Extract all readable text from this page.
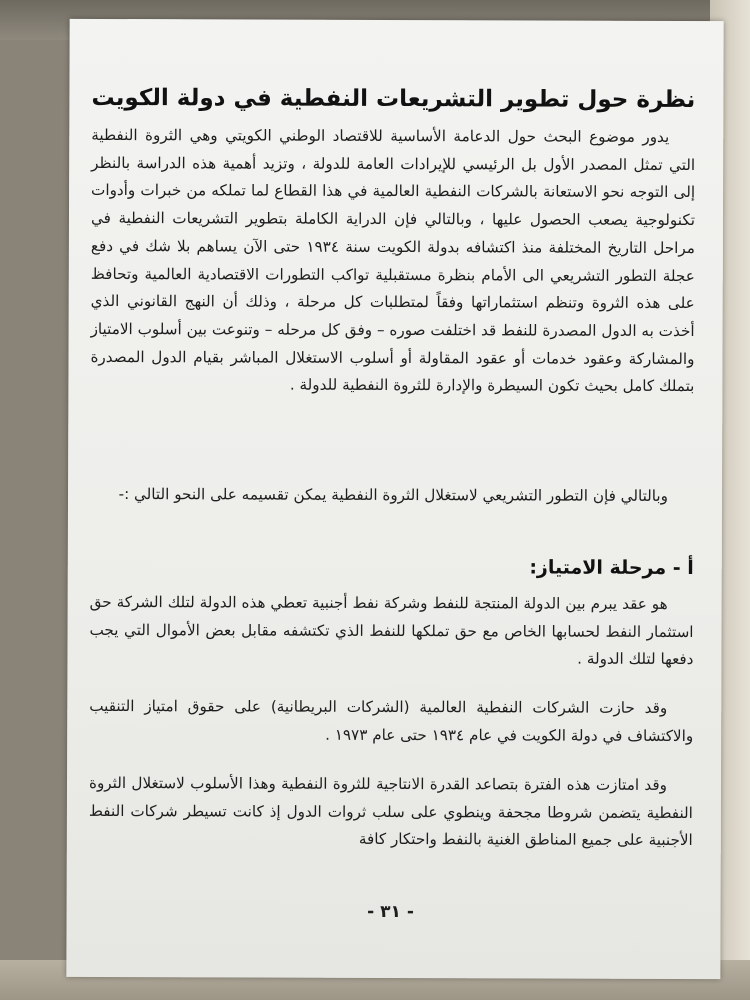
نظرة حول تطوير التشريعات النفطية في دولة الكويت
يدور موضوع البحث حول الدعامة الأساسية للاقتصاد الوطني الكويتي وهي الثروة النفطية التي تمثل المصدر الأول بل الرئيسي للإيرادات العامة للدولة ، وتزيد أهمية هذه الدراسة بالنظر إلى التوجه نحو الاستعانة بالشركات النفطية العالمية في هذا القطاع لما تملكه من خبرات وأدوات تكنولوجية يصعب الحصول عليها ، وبالتالي فإن الدراية الكاملة بتطوير التشريعات النفطية في مراحل التاريخ المختلفة منذ اكتشافه بدولة الكويت سنة ١٩٣٤ حتى الآن يساهم بلا شك في دفع عجلة التطور التشريعي الى الأمام بنظرة مستقبلية تواكب التطورات الاقتصادية العالمية وتحافظ على هذه الثروة وتنظم استثماراتها وفقاً لمتطلبات كل مرحلة ، وذلك أن النهج القانوني الذي أخذت به الدول المصدرة للنفط قد اختلفت صوره – وفق كل مرحله – وتنوعت بين أسلوب الامتياز والمشاركة وعقود خدمات أو عقود المقاولة أو أسلوب الاستغلال المباشر بقيام الدول المصدرة بتملك كامل بحيث تكون السيطرة والإدارة للثروة النفطية للدولة .
وبالتالي فإن التطور التشريعي لاستغلال الثروة النفطية يمكن تقسيمه على النحو التالي :-
أ - مرحلة الامتياز:
هو عقد يبرم بين الدولة المنتجة للنفط وشركة نفط أجنبية تعطي هذه الدولة لتلك الشركة حق استثمار النفط لحسابها الخاص مع حق تملكها للنفط الذي تكتشفه مقابل بعض الأموال التي يجب دفعها لتلك الدولة .
وقد حازت الشركات النفطية العالمية (الشركات البريطانية) على حقوق امتياز التنقيب والاكتشاف في دولة الكويت في عام ١٩٣٤ حتى عام ١٩٧٣ .
وقد امتازت هذه الفترة بتصاعد القدرة الانتاجية للثروة النفطية وهذا الأسلوب لاستغلال الثروة النفطية يتضمن شروطا مجحفة وينطوي على سلب ثروات الدول إذ كانت تسيطر شركات النفط الأجنبية على جميع المناطق الغنية بالنفط واحتكار كافة
- ٣١ -
